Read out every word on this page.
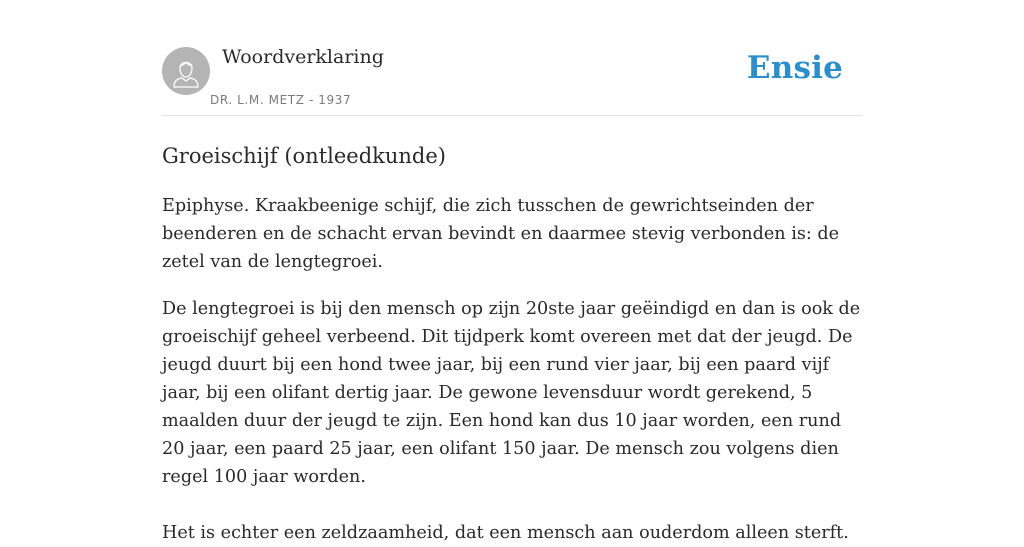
Woordverklaring
DR. L.M. METZ - 1937
Ensie
Groeischijf (ontleedkunde)

Epiphyse. Kraakbeenige schijf, die zich tusschen de gewrichtseinden der beenderen en de schacht ervan bevindt en daarmee stevig verbonden is: de zetel van de lengtegroei.

De lengtegroei is bij den mensch op zijn 20ste jaar geëindigd en dan is ook de groeischijf geheel verbeend. Dit tijdperk komt overeen met dat der jeugd. De jeugd duurt bij een hond twee jaar, bij een rund vier jaar, bij een paard vijf jaar, bij een olifant dertig jaar. De gewone levensduur wordt gerekend, 5 maalden duur der jeugd te zijn. Een hond kan dus 10 jaar worden, een rund 20 jaar, een paard 25 jaar, een olifant 150 jaar. De mensch zou volgens dien regel 100 jaar worden.

Het is echter een zeldzaamheid, dat een mensch aan ouderdom alleen sterft.
